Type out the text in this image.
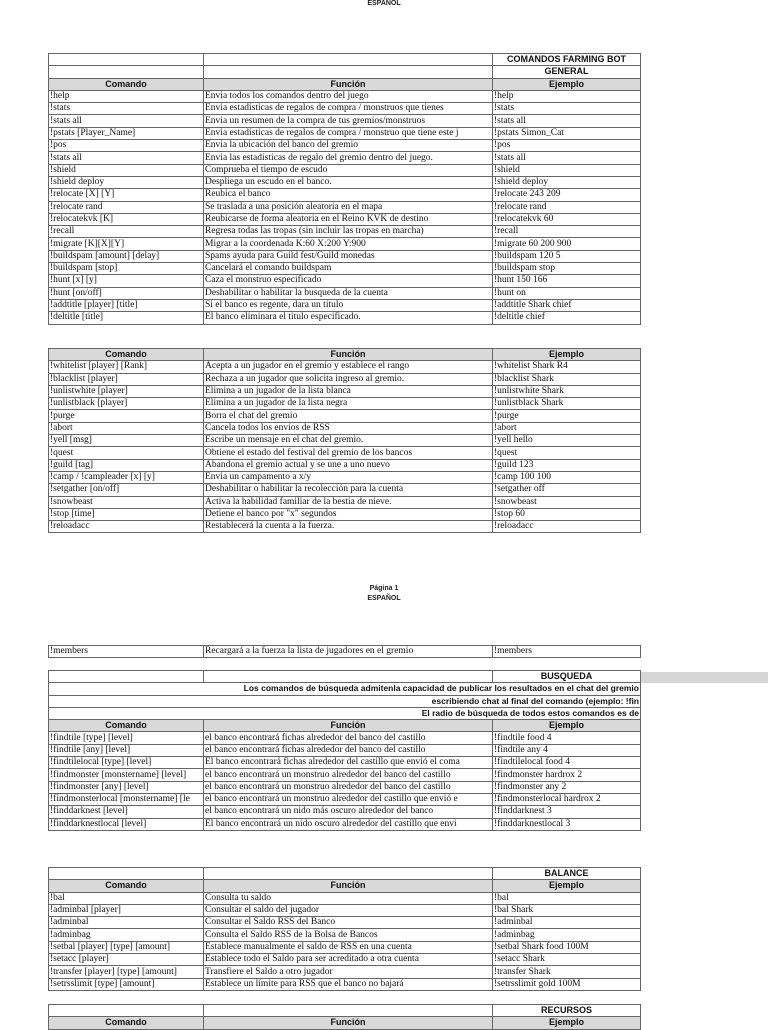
ESPAÑOL
		COMANDOS FARMING BOT
		GENERAL
Comando	Función	Ejemplo
!help	Envia todos los comandos dentro del juego	!help
!stats	Envia estadísticas de regalos de compra / monstruos que tienes	!stats
!stats all	Envia un resumen de la compra de tus gremios/monstruos	!stats all
!pstats [Player_Name]	Envia estadísticas de regalos de compra / monstruo que tiene este j	!pstats Simon_Cat
!pos	Envia la ubicación del banco del gremio	!pos
!stats all	Envia las estadísticas de regalo del gremio dentro del juego.	!stats all
!shield	Comprueba el tiempo de escudo	!shield
!shield deploy	Despliega un escudo en el banco.	!shield deploy
!relocate [X] [Y]	Reubica el banco	!relocate 243 209
!relocate rand	Se traslada a una posición aleatoria en el mapa	!relocate rand
!relocatekvk [K]	Reubicarse de forma aleatoria en el Reino KVK de destino	!relocatekvk 60
!recall	Regresa todas las tropas (sin incluir las tropas en marcha)	!recall
!migrate [K][X][Y]	Migrar a la coordenada K:60 X:200 Y:900	!migrate 60 200 900
!buildspam [amount] [delay]	Spams ayuda para Guild fest/Guild monedas	!buildspam 120 5
!buildspam [stop]	Cancelará el comando buildspam	!buildspam stop
!hunt [x] [y]	Caza el monstruo especificado	!hunt 150 166
!hunt [on/off]	Deshabilitar o habilitar la busqueda de la cuenta	!hunt on
!addtitle [player] [title]	Si el banco es regente, dara un titulo	!addtitle Shark chief
!deltitle [title]	El banco eliminara el titulo especificado.	!deltitle chief
Comando	Función	Ejemplo
!whitelist [player] [Rank]	Acepta a un jugador en el gremio y establece el rango	!whitelist Shark R4
!blacklist [player]	Rechaza a un jugador que solicita ingreso al gremio.	!blacklist Shark
!unlistwhite [player]	Elimina a un jugador de la lista blanca	!unlistwhite Shark
!unlistblack [player]	Elimina a un jugador de la lista negra	!unlistblack Shark
!purge	Borra el chat del gremio	!purge
!abort	Cancela todos los envíos de RSS	!abort
!yell [msg]	Escribe un mensaje en el chat del gremio.	!yell hello
!quest	Obtiene el estado del festival del gremio de los bancos	!quest
!guild [tag]	Abandona el gremio actual y se une a uno nuevo	!guild 123
!camp / !campleader [x] [y]	Envia un campamento a x/y	!camp 100 100
!setgather [on/off]	Deshabilitar o habilitar la recolección para la cuenta	!setgather off
!snowbeast	Activa la habilidad familiar de la bestia de nieve.	!snowbeast
!stop [time]	Detiene el banco por "x" segundos	!stop 60
!reloadacc	Restablecerá la cuenta a la fuerza.	!reloadacc
Página 1
ESPAÑOL
!members	Recargará a la fuerza la lista de jugadores en el gremio	!members
		BUSQUEDA
Los comandos de búsqueda admitenla capacidad de publicar los resultados en el chat del gremio		
escribiendo chat al final del comando (ejemplo: !fin		
El radio de búsqueda de todos estos comandos es de		
Comando	Función	Ejemplo
!findtile [type] [level]	el banco encontrará fichas alrededor del banco del castillo	!findtile food 4
!findtile [any] [level]	el banco encontrará fichas alrededor del banco del castillo	!findtile any 4
!findtilelocal [type] [level]	El banco encontrará fichas alrededor del castillo que envió el coma	!findtilelocal food 4
!findmonster [monstername] [level]	el banco encontrará un monstruo alrededor del banco del castillo	!findmonster hardrox 2
!findmonster [any] [level]	el banco encontrará un monstruo alrededor del banco del castillo	!findmonster any 2
!findmonsterlocal [monstername] [le	el banco encontrará un monstruo alrededor del castillo que envió e	!findmonsterlocal hardrox 2
!finddarknest [level]	el banco encontrará un nido más oscuro alrededor del banco	!finddarknest 3
!finddarknestlocal [level]	El banco encontrará un nido oscuro alrededor del castillo que envi	!finddarknestlocal 3
		BALANCE
Comando	Función	Ejemplo
!bal	Consulta tu saldo	!bal
!adminbal [player]	Consultar el saldo del jugador	!bal Shark
!adminbal	Consultar el Saldo RSS del Banco	!adminbal
!adminbag	Consulta el Saldo RSS de la Bolsa de Bancos	!adminbag
!setbal [player] [type] [amount]	Establece manualmente el saldo de RSS en una cuenta	!setbal Shark food 100M
!setacc [player]	Establece todo el Saldo para ser acreditado a otra cuenta	!setacc Shark
!transfer [player] [type] [amount]	Transfiere el Saldo a otro jugador	!transfer Shark
!setrsslimit [type] [amount]	Establece un límite para RSS que el banco no bajará	!setrsslimit gold 100M
		RECURSOS
Comando	Función	Ejemplo
